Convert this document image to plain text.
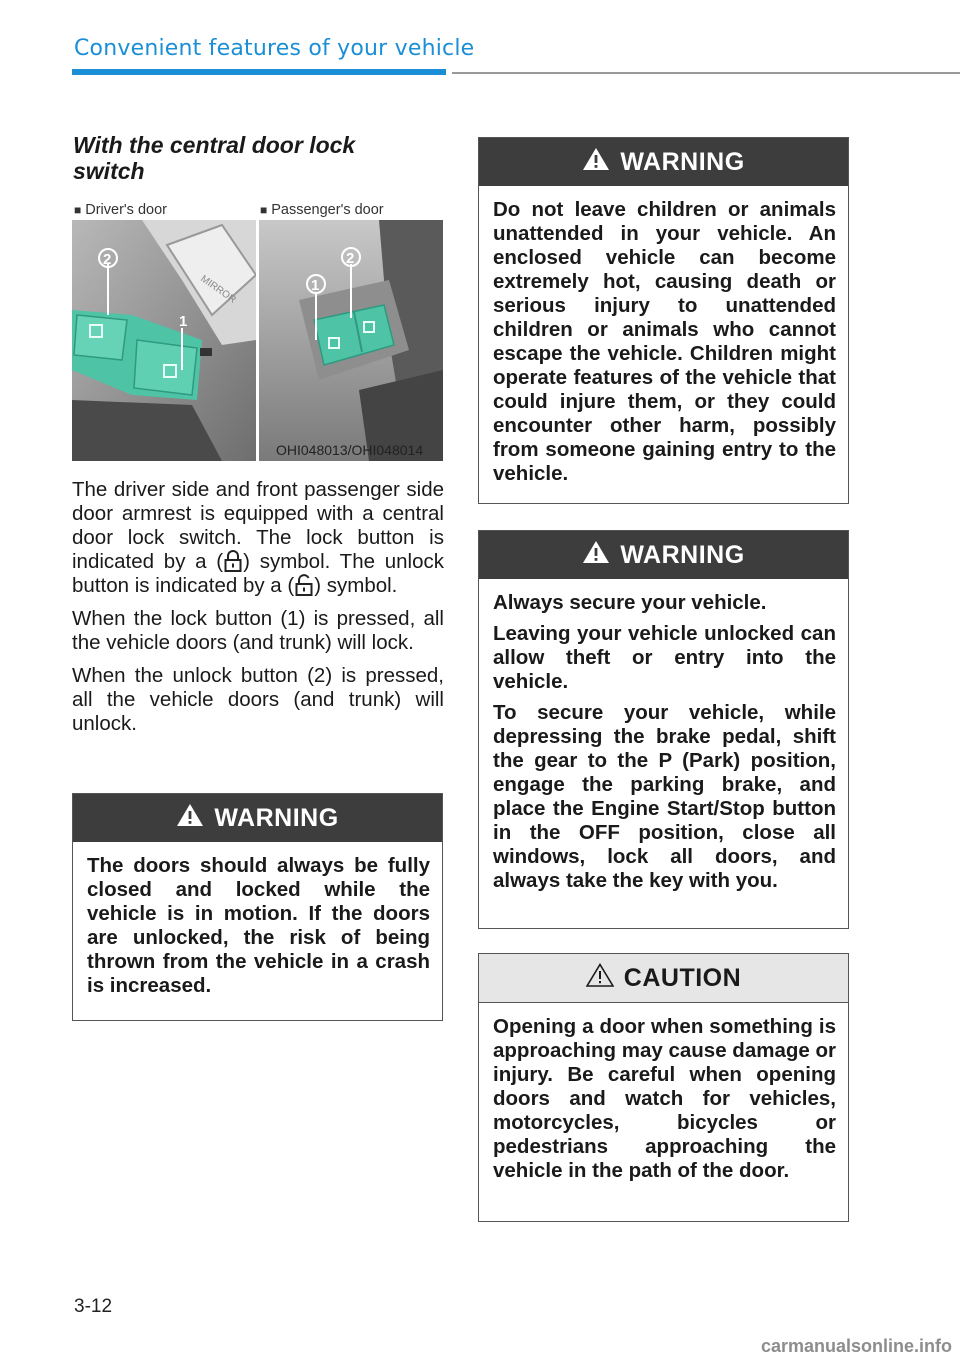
Convenient features of your vehicle
With the central door lock switch
■ Driver's door	■ Passenger's door
MIRROR
2
1
1
2
OHI048013/OHI048014

The driver side and front passenger side door armrest is equipped with a central door lock switch. The lock button is indicated by a ( ) symbol. The unlock button is indicated by a ( ) symbol.

When the lock button (1) is pressed, all the vehicle doors (and trunk) will lock.

When the unlock button (2) is pressed, all the vehicle doors (and trunk) will unlock.

WARNING

The doors should always be fully closed and locked while the vehicle is in motion. If the doors are unlocked, the risk of being thrown from the vehicle in a crash is increased.

WARNING

Do not leave children or animals unattended in your vehicle. An enclosed vehicle can become extremely hot, causing death or serious injury to unattended children or animals who cannot escape the vehicle. Children might operate features of the vehicle that could injure them, or they could encounter other harm, possibly from someone gaining entry to the vehicle.

WARNING

Always secure your vehicle.

Leaving your vehicle unlocked can allow theft or entry into the vehicle.

To secure your vehicle, while depressing the brake pedal, shift the gear to the P (Park) position, engage the parking brake, and place the Engine Start/Stop button in the OFF position, close all windows, lock all doors, and always take the key with you.

CAUTION

Opening a door when something is approaching may cause damage or injury. Be careful when opening doors and watch for vehicles, motorcycles, bicycles or pedestrians approaching the vehicle in the path of the door.

3-12
carmanualsonline.info
